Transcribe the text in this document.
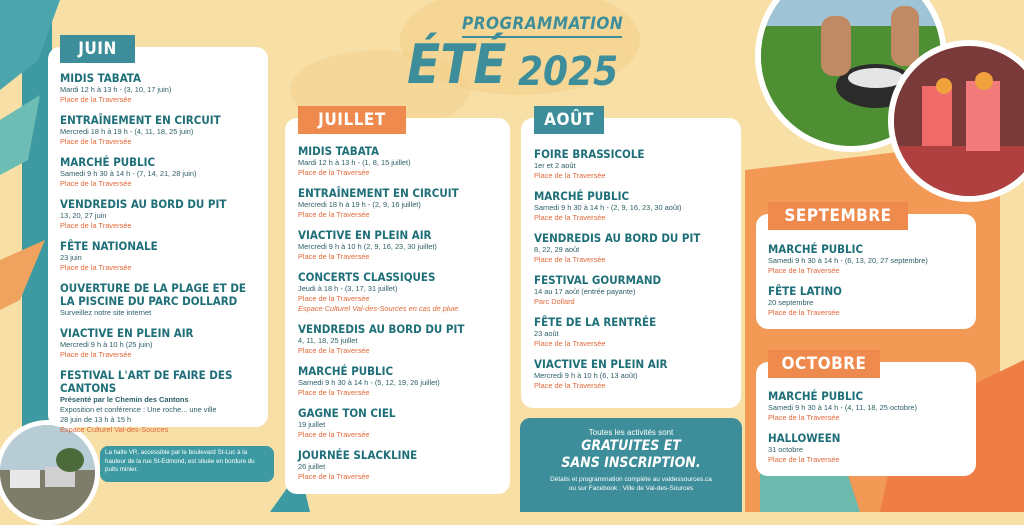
PROGRAMMATION
ÉTÉ 2025
JUIN
MIDIS TABATA
Mardi 12 h à 13 h - (3, 10, 17 juin)
Place de la Traversée
ENTRAÎNEMENT EN CIRCUIT
Mercredi 18 h à 19 h - (4, 11, 18, 25 juin)
Place de la Traversée
MARCHÉ PUBLIC
Samedi 9 h 30 à 14 h - (7, 14, 21, 28 juin)
Place de la Traversée
VENDREDIS AU BORD DU PIT
13, 20, 27 juin
Place de la Traversée
FÊTE NATIONALE
23 juin
Place de la Traversée
OUVERTURE DE LA PLAGE ET DE LA PISCINE DU PARC DOLLARD
Surveillez notre site internet
VIACTIVE EN PLEIN AIR
Mercredi 9 h à 10 h (25 juin)
Place de la Traversée
FESTIVAL L'ART DE FAIRE DES CANTONS
Présenté par le Chemin des Cantons
Exposition et conférence : Une roche... une ville
28 juin de 13 h à 15 h
Espace Culturel Val-des-Sources
La halte VR, accessible par le boulevard St-Luc à la hauteur de la rue St-Edmond, est située en bordure du puits minier.
JUILLET
MIDIS TABATA
Mardi 12 h à 13 h - (1, 8, 15 juillet)
Place de la Traversée
ENTRAÎNEMENT EN CIRCUIT
Mercredi 18 h à 19 h - (2, 9, 16 juillet)
Place de la Traversée
VIACTIVE EN PLEIN AIR
Mercredi 9 h à 10 h (2, 9, 16, 23, 30 juillet)
Place de la Traversée
CONCERTS CLASSIQUES
Jeudi à 18 h - (3, 17, 31 juillet)
Place de la Traversée
Espace Culturel Val-des-Sources en cas de pluie
VENDREDIS AU BORD DU PIT
4, 11, 18, 25 juillet
Place de la Traversée
MARCHÉ PUBLIC
Samedi 9 h 30 à 14 h - (5, 12, 19, 26 juillet)
Place de la Traversée
GAGNE TON CIEL
19 juillet
Place de la Traversée
JOURNÉE SLACKLINE
26 juillet
Place de la Traversée
AOÛT
FOIRE BRASSICOLE
1er et 2 août
Place de la Traversée
MARCHÉ PUBLIC
Samedi 9 h 30 à 14 h - (2, 9, 16, 23, 30 août)
Place de la Traversée
VENDREDIS AU BORD DU PIT
8, 22, 29 août
Place de la Traversée
FESTIVAL GOURMAND
14 au 17 août (entrée payante)
Parc Dollard
FÊTE DE LA RENTRÉE
23 août
Place de la Traversée
VIACTIVE EN PLEIN AIR
Mercredi 9 h à 10 h (6, 13 août)
Place de la Traversée
Toutes les activités sont
GRATUITES ET
SANS INSCRIPTION.
Détails et programmation complète au valdessources.ca
ou sur Facebook : Ville de Val-des-Sources
SEPTEMBRE
MARCHÉ PUBLIC
Samedi 9 h 30 à 14 h - (6, 13, 20, 27 septembre)
Place de la Traversée
FÊTE LATINO
20 septembre
Place de la Traversée
OCTOBRE
MARCHÉ PUBLIC
Samedi 9 h 30 à 14 h - (4, 11, 18, 25 octobre)
Place de la Traversée
HALLOWEEN
31 octobre
Place de la Traversée
